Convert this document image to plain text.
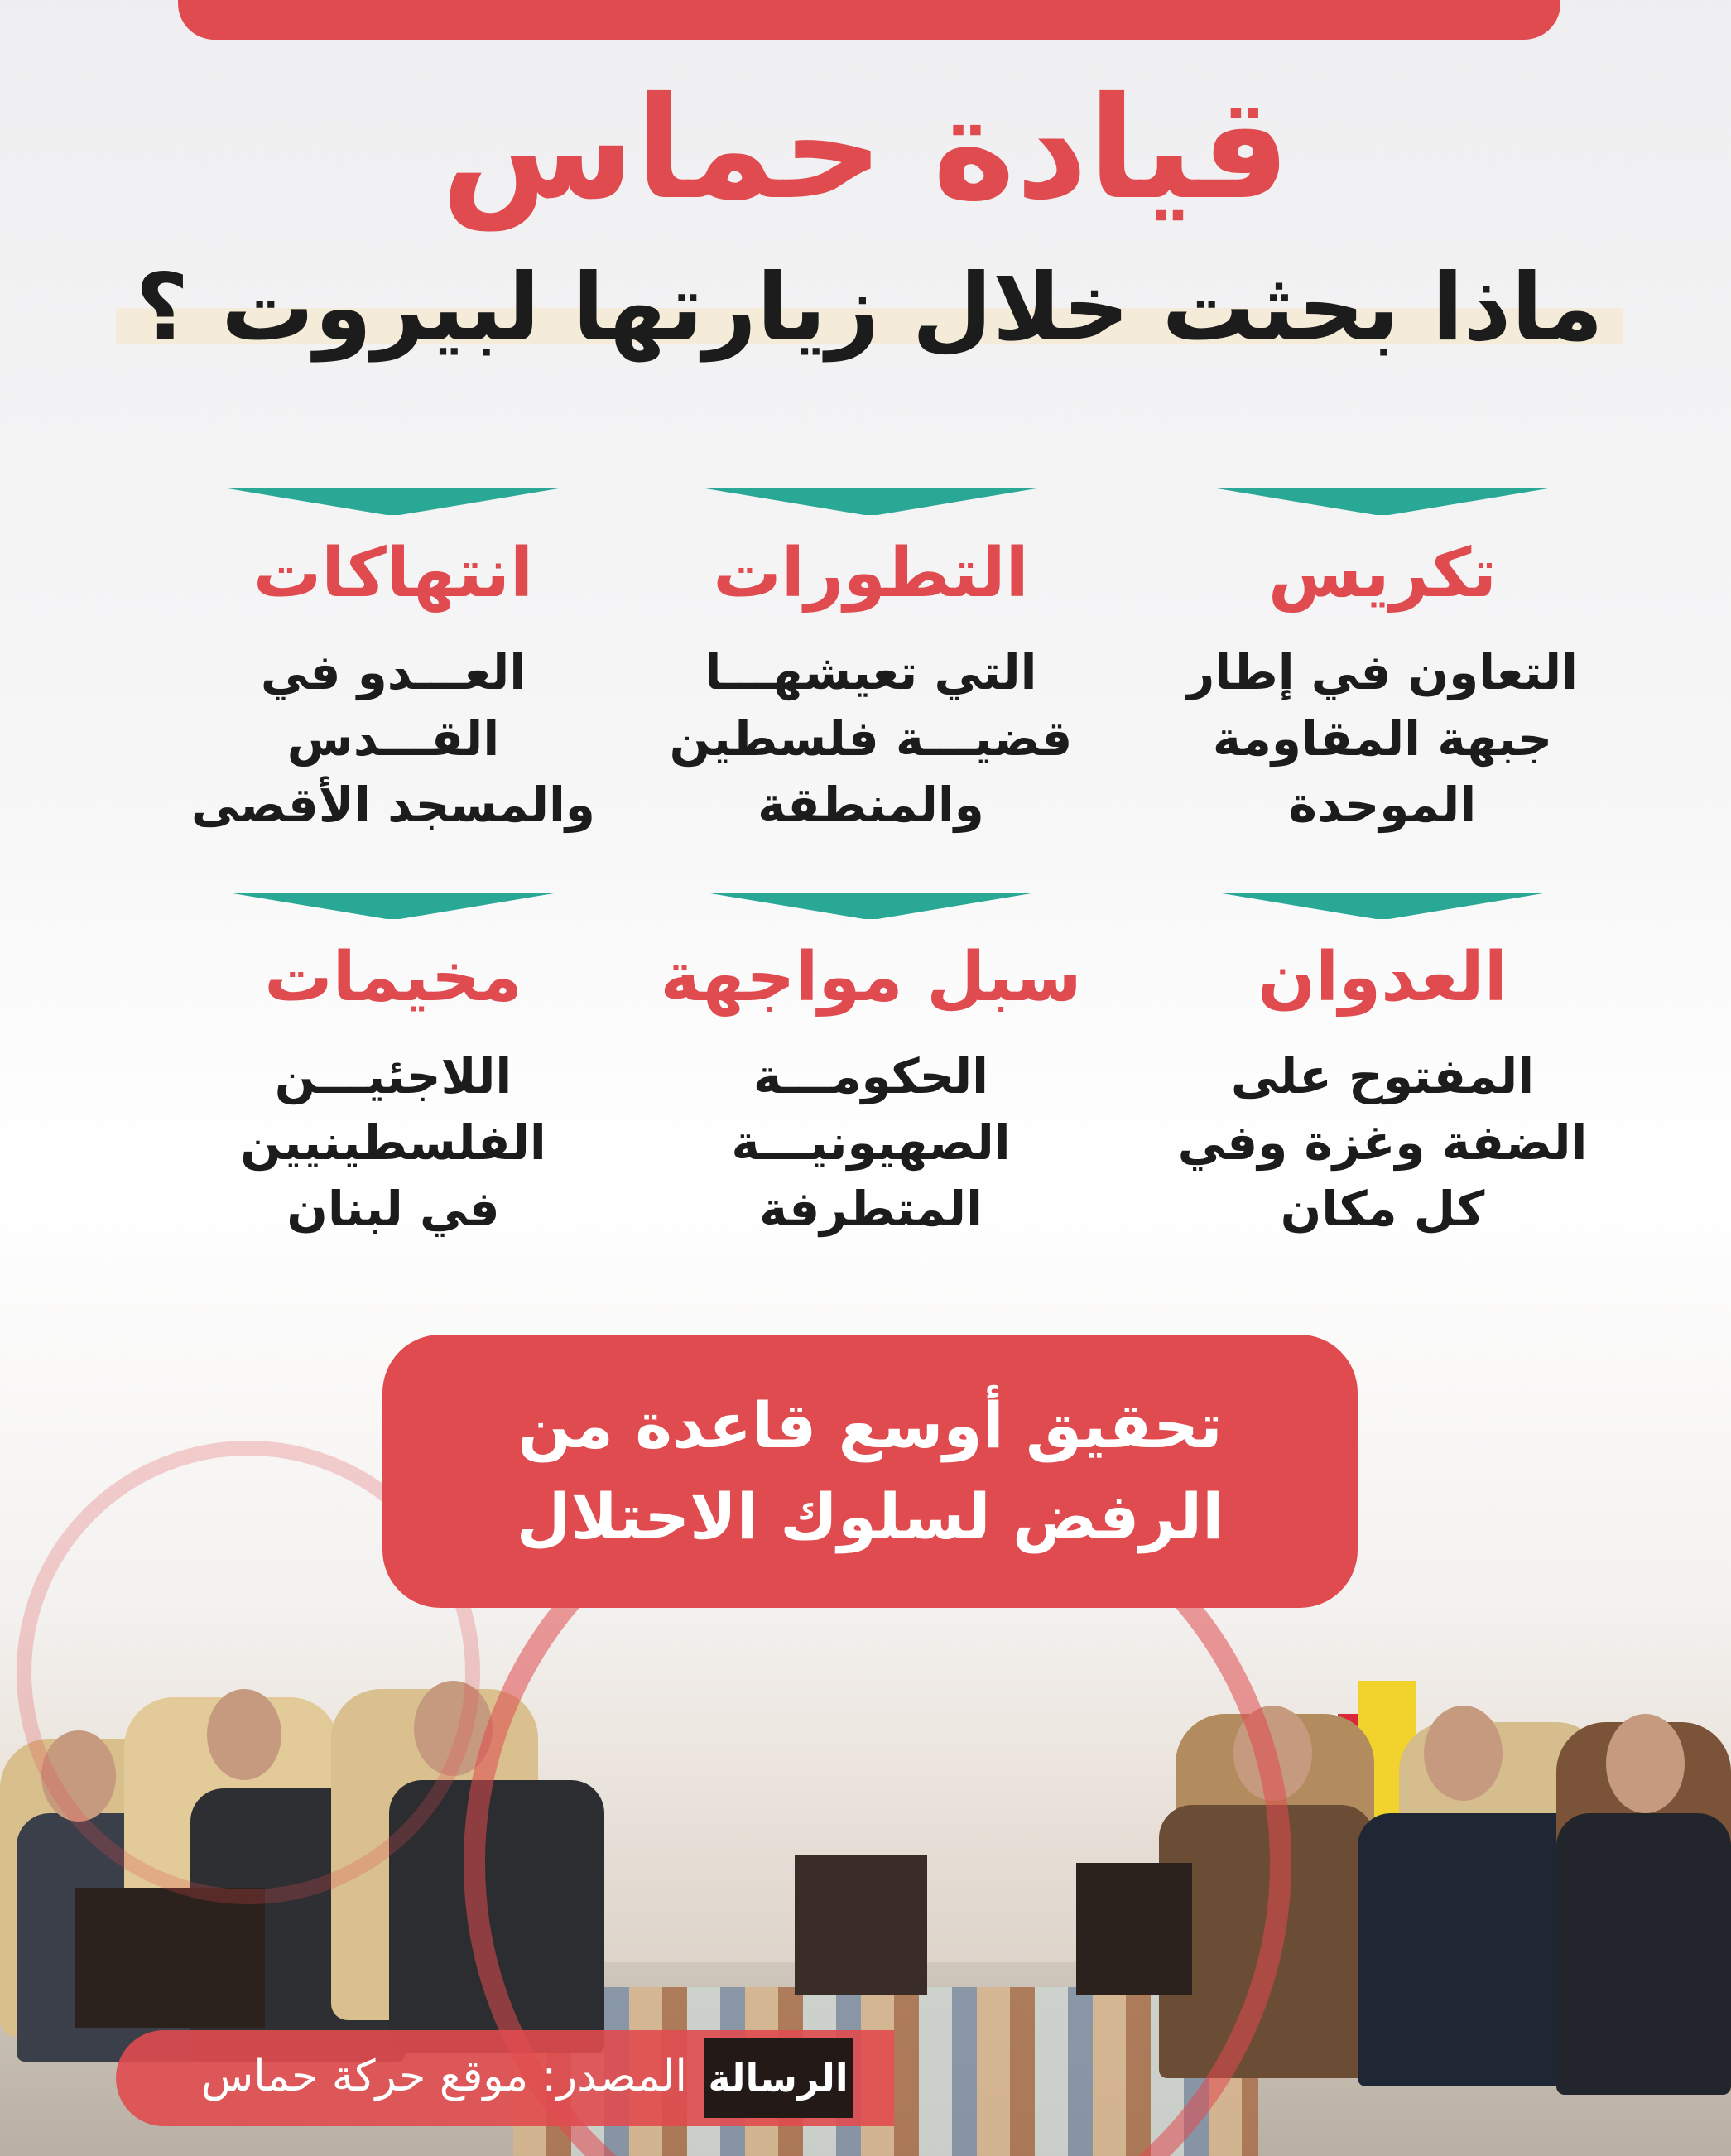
قيادة حماس
ماذا بحثت خلال زيارتها لبيروت ؟
تكريس
التعاون في إطار
جبهة المقاومة
الموحدة
التطورات
التي تعيشهـــا
قضيـــة فلسطين
والمنطقة
انتهاكات
العـــدو في
القـــدس
والمسجد الأقصى
العدوان
المفتوح على
الضفة وغزة وفي
كل مكان
سبل مواجهة
الحكومـــة
الصهيونيـــة
المتطرفة
مخيمات
اللاجئيـــن
الفلسطينيين
في لبنان
تحقيق أوسع قاعدة من
الرفض لسلوك الاحتلال
الرسالة
المصدر: موقع حركة حماس
